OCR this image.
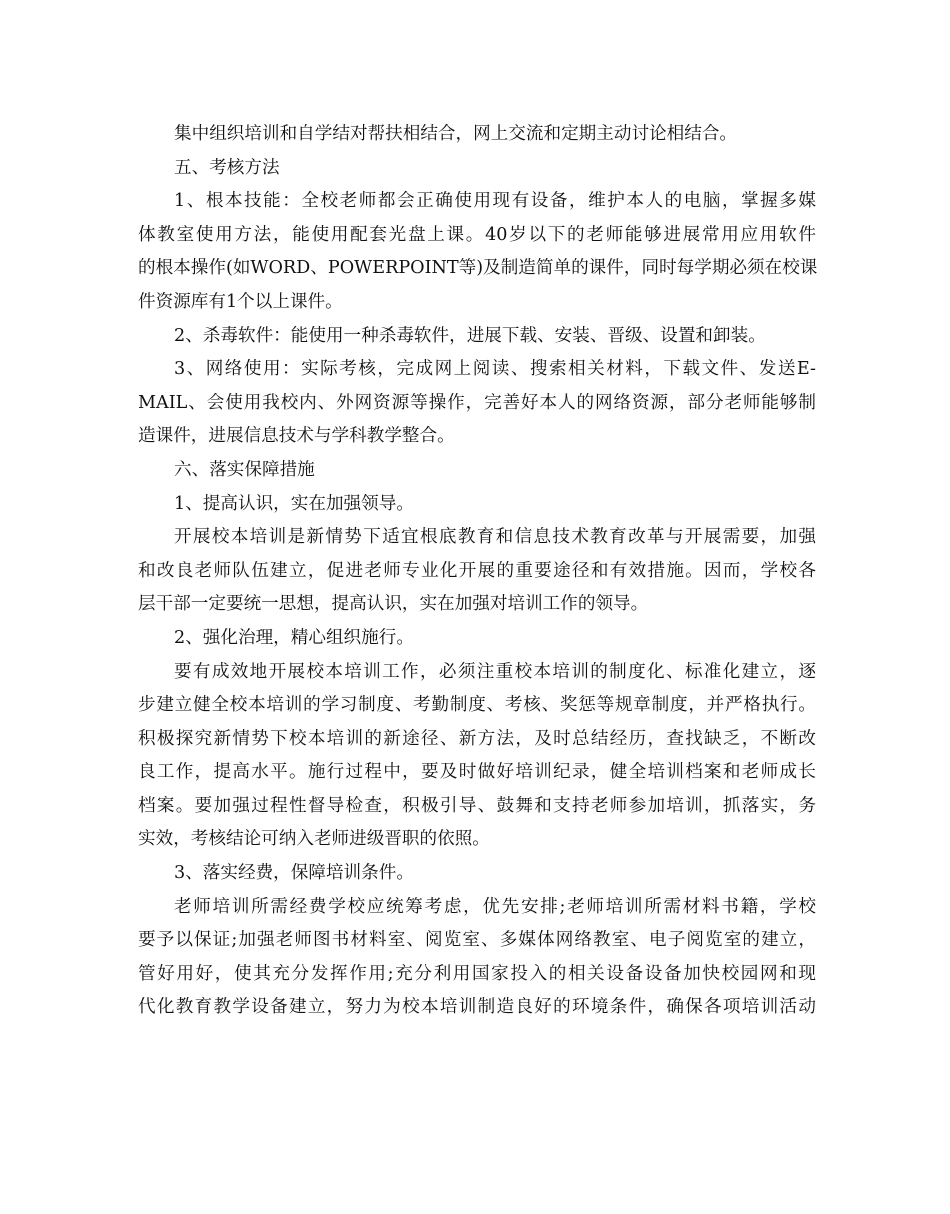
集中组织培训和自学结对帮扶相结合，网上交流和定期主动讨论相结合。
五、考核方法
1、根本技能：全校老师都会正确使用现有设备，维护本人的电脑，掌握多媒
体教室使用方法，能使用配套光盘上课。40岁以下的老师能够进展常用应用软件
的根本操作(如WORD、POWERPOINT等)及制造简单的课件，同时每学期必须在校课
件资源库有1个以上课件。
2、杀毒软件：能使用一种杀毒软件，进展下载、安装、晋级、设置和卸装。
3、网络使用：实际考核，完成网上阅读、搜索相关材料，下载文件、发送E-
MAIL、会使用我校内、外网资源等操作，完善好本人的网络资源，部分老师能够制
造课件，进展信息技术与学科教学整合。
六、落实保障措施
1、提高认识，实在加强领导。
开展校本培训是新情势下适宜根底教育和信息技术教育改革与开展需要，加强
和改良老师队伍建立，促进老师专业化开展的重要途径和有效措施。因而，学校各
层干部一定要统一思想，提高认识，实在加强对培训工作的领导。
2、强化治理，精心组织施行。
要有成效地开展校本培训工作，必须注重校本培训的制度化、标准化建立，逐
步建立健全校本培训的学习制度、考勤制度、考核、奖惩等规章制度，并严格执行。
积极探究新情势下校本培训的新途径、新方法，及时总结经历，查找缺乏，不断改
良工作，提高水平。施行过程中，要及时做好培训纪录，健全培训档案和老师成长
档案。要加强过程性督导检查，积极引导、鼓舞和支持老师参加培训，抓落实，务
实效，考核结论可纳入老师进级晋职的依照。
3、落实经费，保障培训条件。
老师培训所需经费学校应统筹考虑，优先安排;老师培训所需材料书籍，学校
要予以保证;加强老师图书材料室、阅览室、多媒体网络教室、电子阅览室的建立，
管好用好，使其充分发挥作用;充分利用国家投入的相关设备设备加快校园网和现
代化教育教学设备建立，努力为校本培训制造良好的环境条件，确保各项培训活动
